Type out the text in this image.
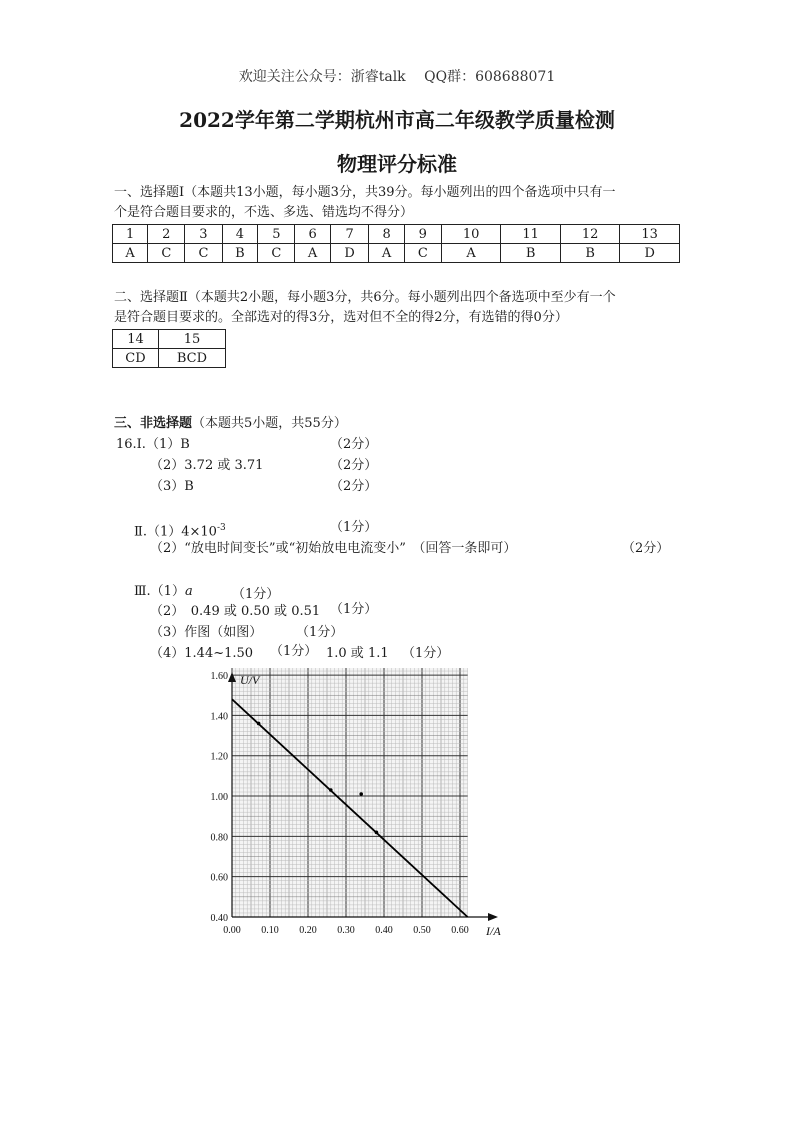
欢迎关注公众号：浙睿talk　 QQ群：608688071
2022学年第二学期杭州市高二年级教学质量检测
物理评分标准
一、选择题Ⅰ（本题共13小题，每小题3分，共39分。每小题列出的四个备选项中只有一
个是符合题目要求的，不选、多选、错选均不得分）
1	2	3	4	5	6	7	8	9	10	11	12	13
A	C	C	B	C	A	D	A	C	A	B	B	D
二、选择题Ⅱ（本题共2小题，每小题3分，共6分。每小题列出四个备选项中至少有一个
是符合题目要求的。全部选对的得3分，选对但不全的得2分，有选错的得0分）
14	15
CD	BCD
三、非选择题（本题共5小题，共55分）
16.Ⅰ.（1）B	（2分）
（2）3.72 或 3.71	（2分）
（3）B	（2分）
$Ⅱ.(1)4\times 10^{-3}$	（1分）
（2）“放电时间变长”或“初始放电电流变小”　（回答一条即可）	（2分）
Ⅲ.（1）a	（1分）
（2）　0.49 或 0.50 或 0.51 （1分）
（3）作图（如图）	（1分）
（4）1.44~1.50 （1分） 1.0 或 1.1 （1分）
0.00 0.10 0.20 0.30 0.40 0.50 0.60
0.40
0.60
0.80
1.00
1.20
1.40
1.60 U/V
I/A
